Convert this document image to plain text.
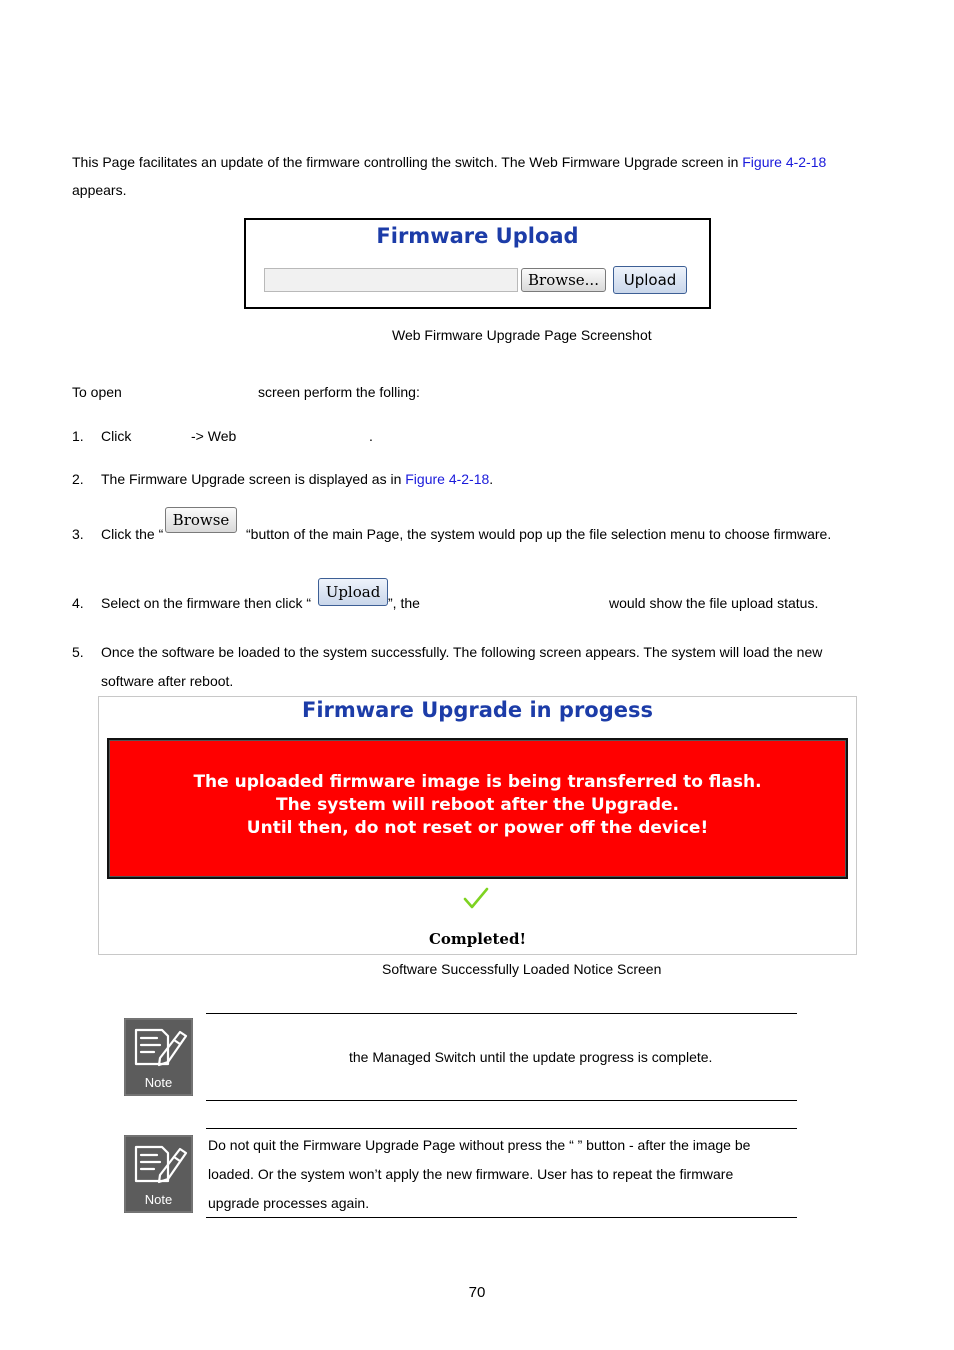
This Page facilitates an update of the firmware controlling the switch. The Web Firmware Upgrade screen in Figure 4-2-18
appears.
Firmware Upload
Browse...	Upload
Web Firmware Upgrade Page Screenshot
To open	screen perform the folling:
1. Click	-> Web	.
2. The Firmware Upgrade screen is displayed as in Figure 4-2-18.
3. Click the “
Browse
“button of the main Page, the system would pop up the file selection menu to choose firmware.
4. Select on the firmware then click “
Upload
”, the	would show the file upload status.
5. Once the software be loaded to the system successfully. The following screen appears. The system will load the new
software after reboot.
Firmware Upgrade in progess
The uploaded firmware image is being transferred to flash.
The system will reboot after the Upgrade.
Until then, do not reset or power off the device!
Completed!
Software Successfully Loaded Notice Screen
Note
the Managed Switch until the update progress is complete.
Note
Do not quit the Firmware Upgrade Page without press the “ ” button - after the image be
loaded. Or the system won’t apply the new firmware. User has to repeat the firmware
upgrade processes again.
70
